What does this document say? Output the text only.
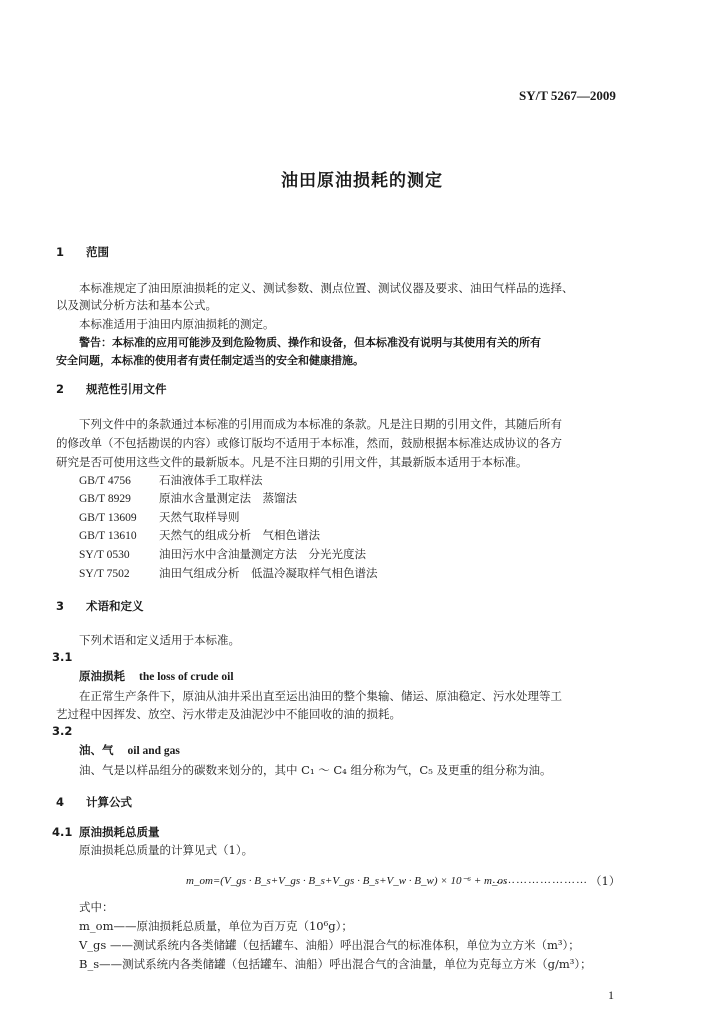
SY/T 5267—2009
油田原油损耗的测定
1 范围
本标准规定了油田原油损耗的定义、测试参数、测点位置、测试仪器及要求、油田气样品的选择、
以及测试分析方法和基本公式。
本标准适用于油田内原油损耗的测定。
警告：本标准的应用可能涉及到危险物质、操作和设备，但本标准没有说明与其使用有关的所有
安全问题，本标准的使用者有责任制定适当的安全和健康措施。
2 规范性引用文件
下列文件中的条款通过本标准的引用而成为本标准的条款。凡是注日期的引用文件，其随后所有
的修改单（不包括勘误的内容）或修订版均不适用于本标准，然而，鼓励根据本标准达成协议的各方
研究是否可使用这些文件的最新版本。凡是不注日期的引用文件，其最新版本适用于本标准。
GB/T 4756 石油液体手工取样法
GB/T 8929 原油水含量测定法　蒸馏法
GB/T 13609 天然气取样导则
GB/T 13610 天然气的组成分析　气相色谱法
SY/T 0530	油田污水中含油量测定方法　分光光度法
SY/T 7502	油田气组成分析　低温冷凝取样气相色谱法
3 术语和定义
下列术语和定义适用于本标准。
3.1
原油损耗 the loss of crude oil
在正常生产条件下，原油从油井采出直至运出油田的整个集输、储运、原油稳定、污水处理等工
艺过程中因挥发、放空、污水带走及油泥沙中不能回收的油的损耗。
3.2
油、气 oil and gas
油、气是以样品组分的碳数来划分的，其中 C₁ ～ C₄ 组分称为气，C₅ 及更重的组分称为油。
4 计算公式
4.1 原油损耗总质量
原油损耗总质量的计算见式（1）。
m_om=(V_gs · B_s+V_gs · B_s+V_gs · B_s+V_w · B_w) × 10⁻⁶ + m_os
…………………… （1）
式中：
m_om——原油损耗总质量，单位为百万克（10⁶g）；
V_gs ——测试系统内各类储罐（包括罐车、油船）呼出混合气的标准体积，单位为立方米（m³）；
B_s——测试系统内各类储罐（包括罐车、油船）呼出混合气的含油量，单位为克每立方米（g/m³）；
1
